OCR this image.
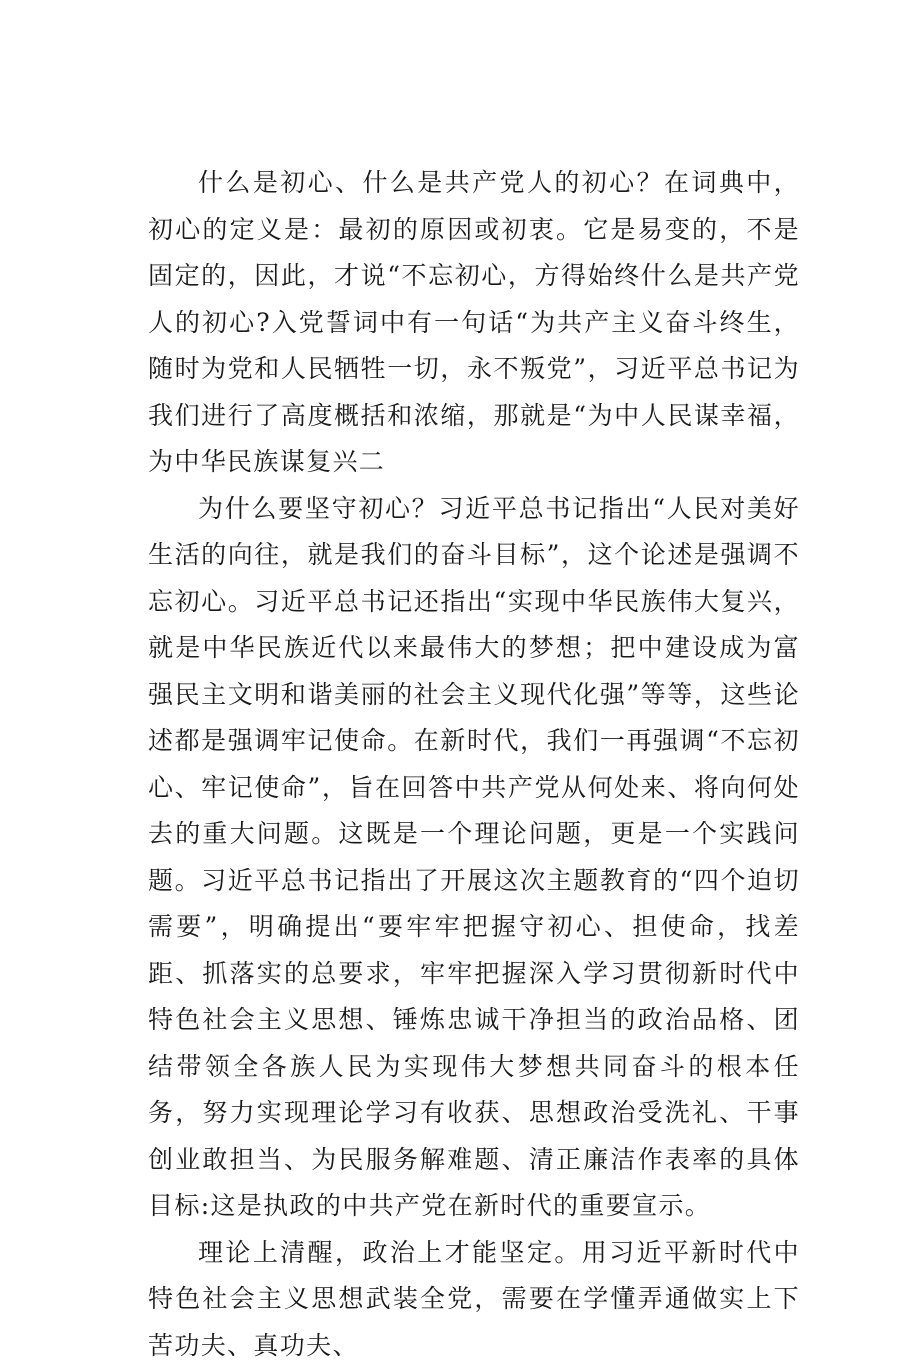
什么是初心、什么是共产党人的初心？在词典中，初心的定义是：最初的原因或初衷。它是易变的，不是固定的，因此，才说“不忘初心，方得始终什么是共产党人的初心?入党誓词中有一句话“为共产主义奋斗终生，随时为党和人民牺牲一切，永不叛党”，习近平总书记为我们进行了高度概括和浓缩，那就是“为中人民谋幸福，为中华民族谋复兴二

为什么要坚守初心？习近平总书记指出“人民对美好生活的向往，就是我们的奋斗目标”，这个论述是强调不忘初心。习近平总书记还指出“实现中华民族伟大复兴，就是中华民族近代以来最伟大的梦想；把中建设成为富强民主文明和谐美丽的社会主义现代化强”等等，这些论述都是强调牢记使命。在新时代，我们一再强调“不忘初心、牢记使命”，旨在回答中共产党从何处来、将向何处去的重大问题。这既是一个理论问题，更是一个实践问题。习近平总书记指出了开展这次主题教育的“四个迫切需要”，明确提出“要牢牢把握守初心、担使命，找差距、抓落实的总要求，牢牢把握深入学习贯彻新时代中特色社会主义思想、锤炼忠诚干净担当的政治品格、团结带领全各族人民为实现伟大梦想共同奋斗的根本任务，努力实现理论学习有收获、思想政治受洗礼、干事创业敢担当、为民服务解难题、清正廉洁作表率的具体目标:这是执政的中共产党在新时代的重要宣示。

理论上清醒，政治上才能坚定。用习近平新时代中特色社会主义思想武装全党，需要在学懂弄通做实上下苦功夫、真功夫、
